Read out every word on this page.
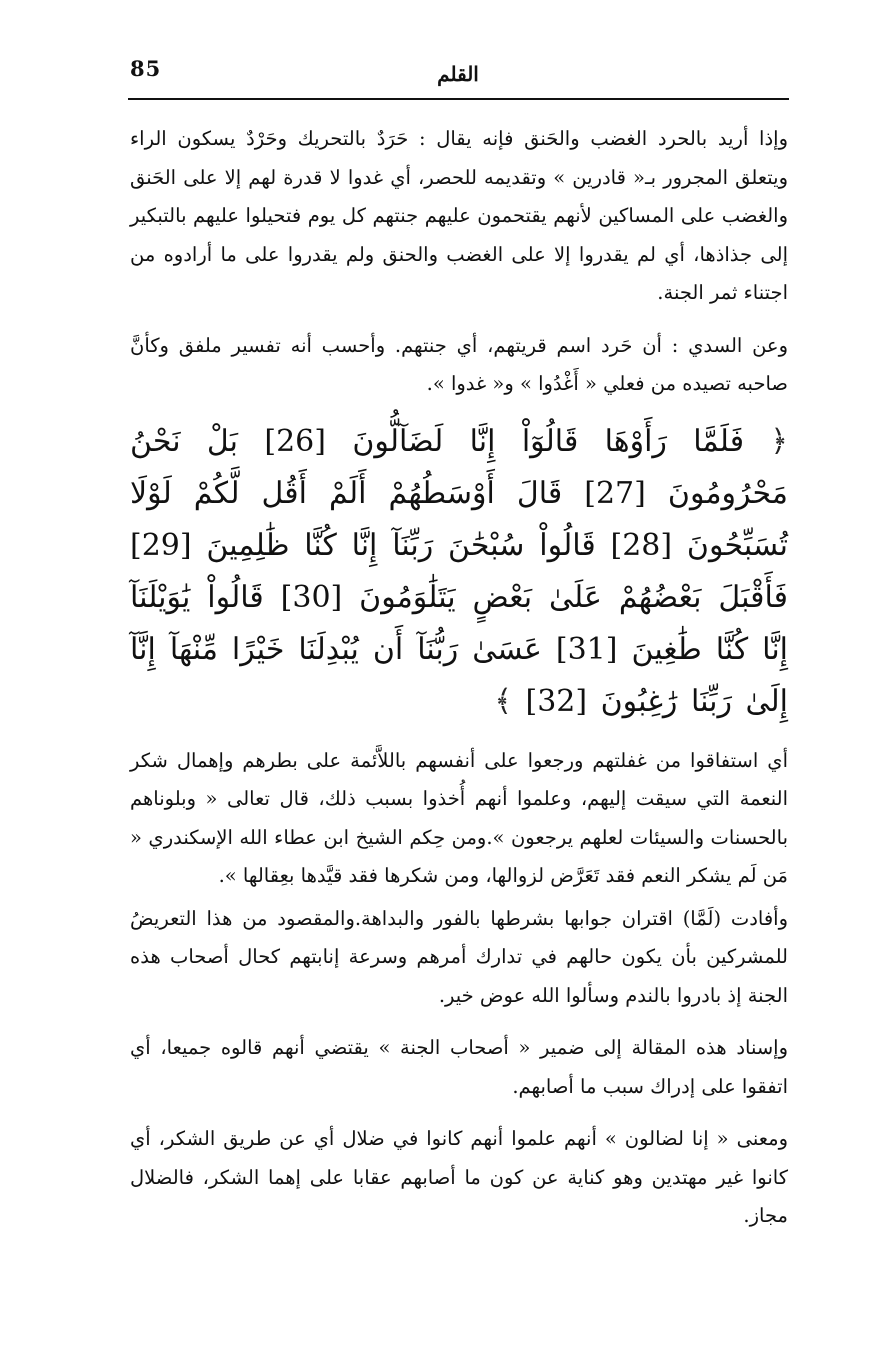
85	القلم

وإذا أريد بالحرد الغضب والحَنق فإنه يقال : حَرَدٌ بالتحريك وحَرْدٌ يسكون الراء ويتعلق المجرور بـ« قادرين » وتقديمه للحصر، أي غدوا لا قدرة لهم إلا على الحَنق والغضب على المساكين لأنهم يقتحمون عليهم جنتهم كل يوم فتحيلوا عليهم بالتبكير إلى جذاذها، أي لم يقدروا إلا على الغضب والحنق ولم يقدروا على ما أرادوه من اجتناء ثمر الجنة.

وعن السدي : أن حَرد اسم قريتهم، أي جنتهم. وأحسب أنه تفسير ملفق وكأنَّ صاحبه تصيده من فعلي « أَغْدُوا » و« غدوا ».

﴿ فَلَمَّا رَأَوْهَا قَالُوٓاْ إِنَّا لَضَآلُّونَ [26] بَلْ نَحْنُ مَحْرُومُونَ [27] قَالَ أَوْسَطُهُمْ أَلَمْ أَقُل لَّكُمْ لَوْلَا تُسَبِّحُونَ [28] قَالُواْ سُبْحَٰنَ رَبِّنَآ إِنَّا كُنَّا ظَٰلِمِينَ [29] فَأَقْبَلَ بَعْضُهُمْ عَلَىٰ بَعْضٍ يَتَلَٰوَمُونَ [30] قَالُواْ يَٰوَيْلَنَآ إِنَّا كُنَّا طَٰغِينَ [31] عَسَىٰ رَبُّنَآ أَن يُبْدِلَنَا خَيْرًا مِّنْهَآ إِنَّآ إِلَىٰ رَبِّنَا رَٰغِبُونَ [32] ﴾

أي استفاقوا من غفلتهم ورجعوا على أنفسهم باللاَّئمة على بطرهم وإهمال شكر النعمة التي سيقت إليهم، وعلموا أنهم أُخذوا بسبب ذلك، قال تعالى « وبلوناهم بالحسنات والسيئات لعلهم يرجعون ».ومن حِكم الشيخ ابن عطاء الله الإسكندري « مَن لَم يشكر النعم فقد تَعَرَّض لزوالها، ومن شكرها فقد قيَّدها بعِقالها ».

وأفادت (لَمَّا) اقتران جوابها بشرطها بالفور والبداهة.والمقصود من هذا التعريضُ للمشركين بأن يكون حالهم في تدارك أمرهم وسرعة إنابتهم كحال أصحاب هذه الجنة إذ بادروا بالندم وسألوا الله عوض خير.

وإسناد هذه المقالة إلى ضمير « أصحاب الجنة » يقتضي أنهم قالوه جميعا، أي اتفقوا على إدراك سبب ما أصابهم.

ومعنى « إنا لضالون » أنهم علموا أنهم كانوا في ضلال أي عن طريق الشكر، أي كانوا غير مهتدين وهو كناية عن كون ما أصابهم عقابا على إهما الشكر، فالضلال مجاز.
